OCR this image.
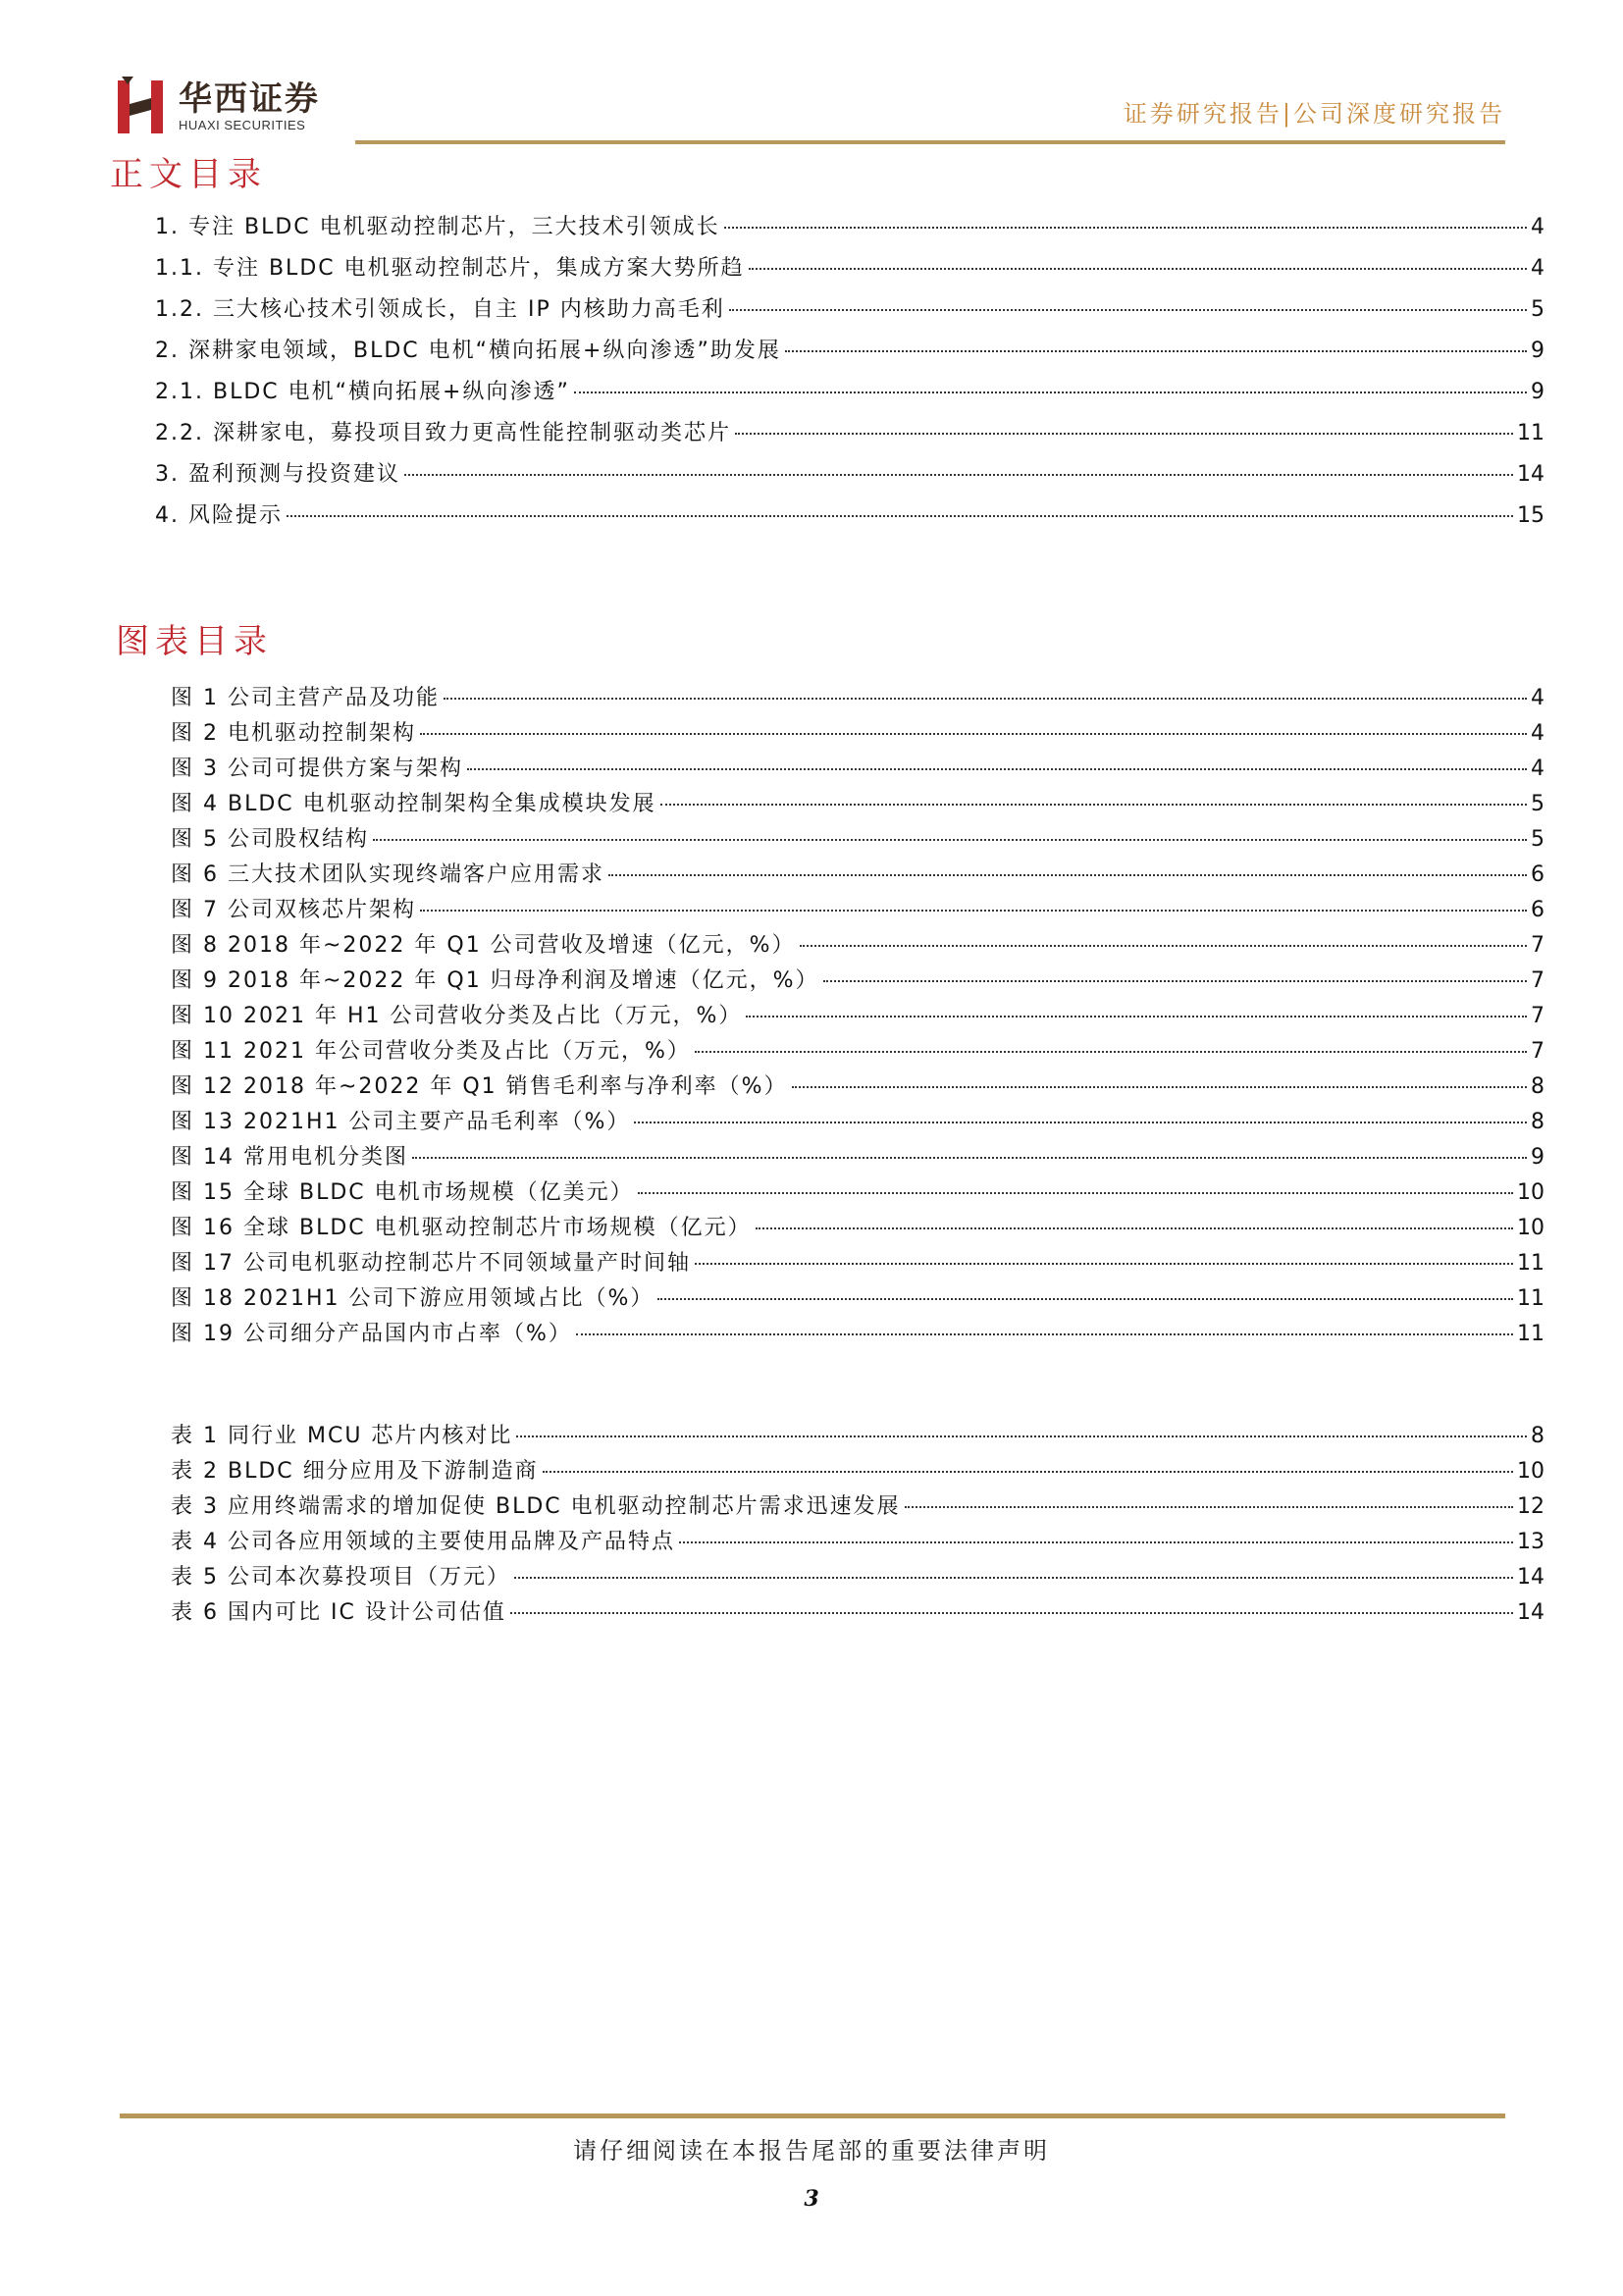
华西证券
HUAXI SECURITIES	证券研究报告|公司深度研究报告
正文目录
1. 专注 BLDC 电机驱动控制芯片，三大技术引领成长	4
1.1. 专注 BLDC 电机驱动控制芯片，集成方案大势所趋	4
1.2. 三大核心技术引领成长，自主 IP 内核助力高毛利	5
2. 深耕家电领域，BLDC 电机“横向拓展+纵向渗透”助发展	9
2.1. BLDC 电机“横向拓展+纵向渗透”	9
2.2. 深耕家电，募投项目致力更高性能控制驱动类芯片	11
3. 盈利预测与投资建议	14
4. 风险提示	15
图表目录
图 1 公司主营产品及功能	4
图 2 电机驱动控制架构	4
图 3 公司可提供方案与架构	4
图 4 BLDC 电机驱动控制架构全集成模块发展	5
图 5 公司股权结构	5
图 6 三大技术团队实现终端客户应用需求	6
图 7 公司双核芯片架构	6
图 8 2018 年~2022 年 Q1 公司营收及增速（亿元，%）	7
图 9 2018 年~2022 年 Q1 归母净利润及增速（亿元，%）	7
图 10 2021 年 H1 公司营收分类及占比（万元，%）	7
图 11 2021 年公司营收分类及占比（万元，%）	7
图 12 2018 年~2022 年 Q1 销售毛利率与净利率（%）	8
图 13 2021H1 公司主要产品毛利率（%）	8
图 14 常用电机分类图	9
图 15 全球 BLDC 电机市场规模（亿美元）	10
图 16 全球 BLDC 电机驱动控制芯片市场规模（亿元）	10
图 17 公司电机驱动控制芯片不同领域量产时间轴	11
图 18 2021H1 公司下游应用领域占比（%）	11
图 19 公司细分产品国内市占率（%）	11
表 1 同行业 MCU 芯片内核对比	8
表 2 BLDC 细分应用及下游制造商	10
表 3 应用终端需求的增加促使 BLDC 电机驱动控制芯片需求迅速发展	12
表 4 公司各应用领域的主要使用品牌及产品特点	13
表 5 公司本次募投项目（万元）	14
表 6 国内可比 IC 设计公司估值	14
请仔细阅读在本报告尾部的重要法律声明
3
